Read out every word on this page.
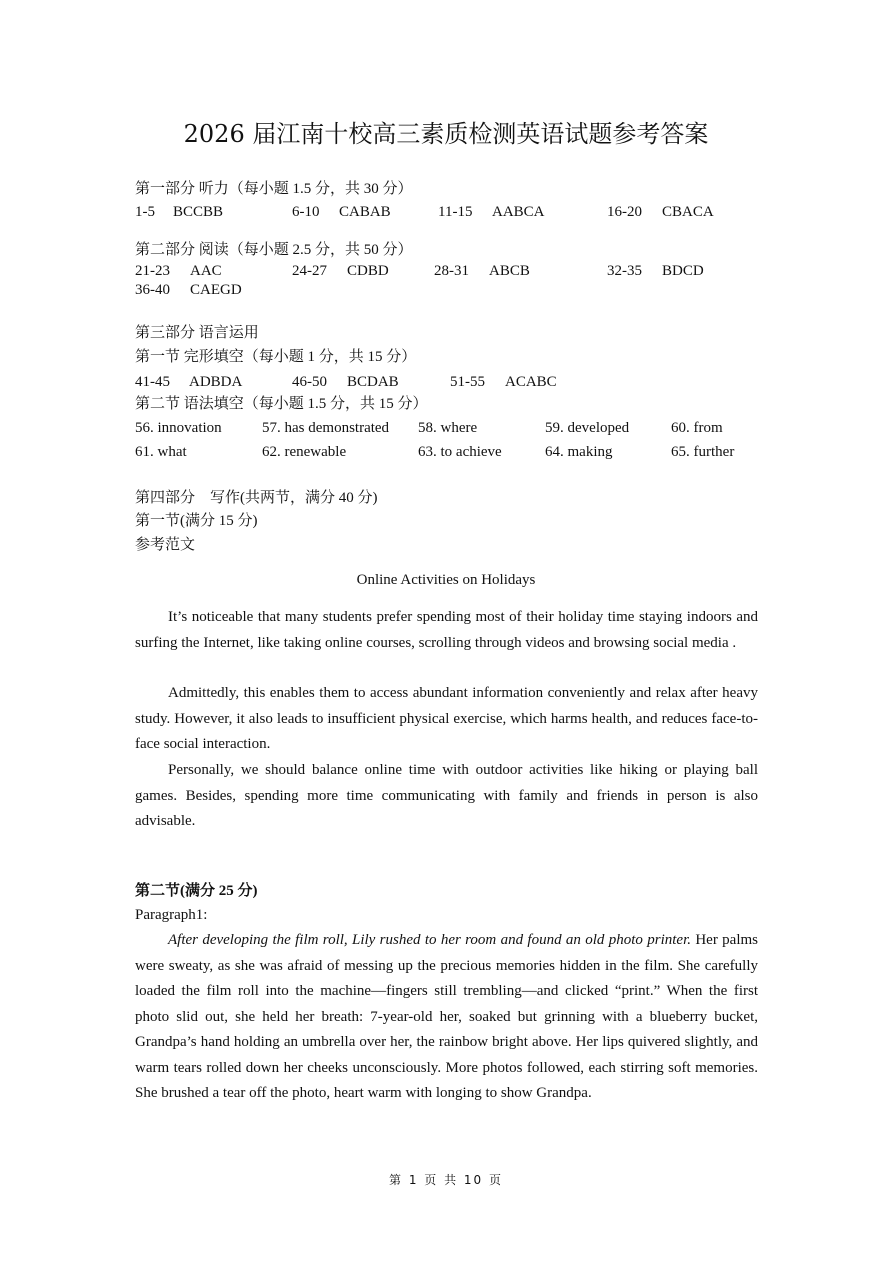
2026 届江南十校高三素质检测英语试题参考答案
第一部分 听力（每小题 1.5 分，共 30 分）
1-5 BCCBB	6-10 CABAB	11-15 AABCA	16-20 CBACA
第二部分 阅读（每小题 2.5 分，共 50 分）
21-23 AAC	24-27 CDBD	28-31 ABCB	32-35 BDCD
36-40 CAEGD
第三部分 语言运用
第一节 完形填空（每小题 1 分，共 15 分）
41-45 ADBDA	46-50 BCDAB	51-55 ACABC
第二节 语法填空（每小题 1.5 分，共 15 分）
56. innovation	57. has demonstrated 58. where	59. developed	60. from
61. what	62. renewable	63. to achieve	64. making	65. further
第四部分　写作(共两节，满分 40 分)
第一节(满分 15 分)
参考范文
Online Activities on Holidays

It’s noticeable that many students prefer spending most of their holiday time staying indoors and surfing the Internet, like taking online courses, scrolling through videos and browsing social media .

Admittedly, this enables them to access abundant information conveniently and relax after heavy study. However, it also leads to insufficient physical exercise, which harms health, and reduces face-to-face social interaction.

Personally, we should balance online time with outdoor activities like hiking or playing ball games. Besides, spending more time communicating with family and friends in person is also advisable.

第二节(满分 25 分)
Paragraph1:

After developing the film roll, Lily rushed to her room and found an old photo printer. Her palms were sweaty, as she was afraid of messing up the precious memories hidden in the film. She carefully loaded the film roll into the machine—fingers still trembling—and clicked “print.” When the first photo slid out, she held her breath: 7-year-old her, soaked but grinning with a blueberry bucket, Grandpa’s hand holding an umbrella over her, the rainbow bright above. Her lips quivered slightly, and warm tears rolled down her cheeks unconsciously. More photos followed, each stirring soft memories. She brushed a tear off the photo, heart warm with longing to show Grandpa.

第 1 页 共 10 页
